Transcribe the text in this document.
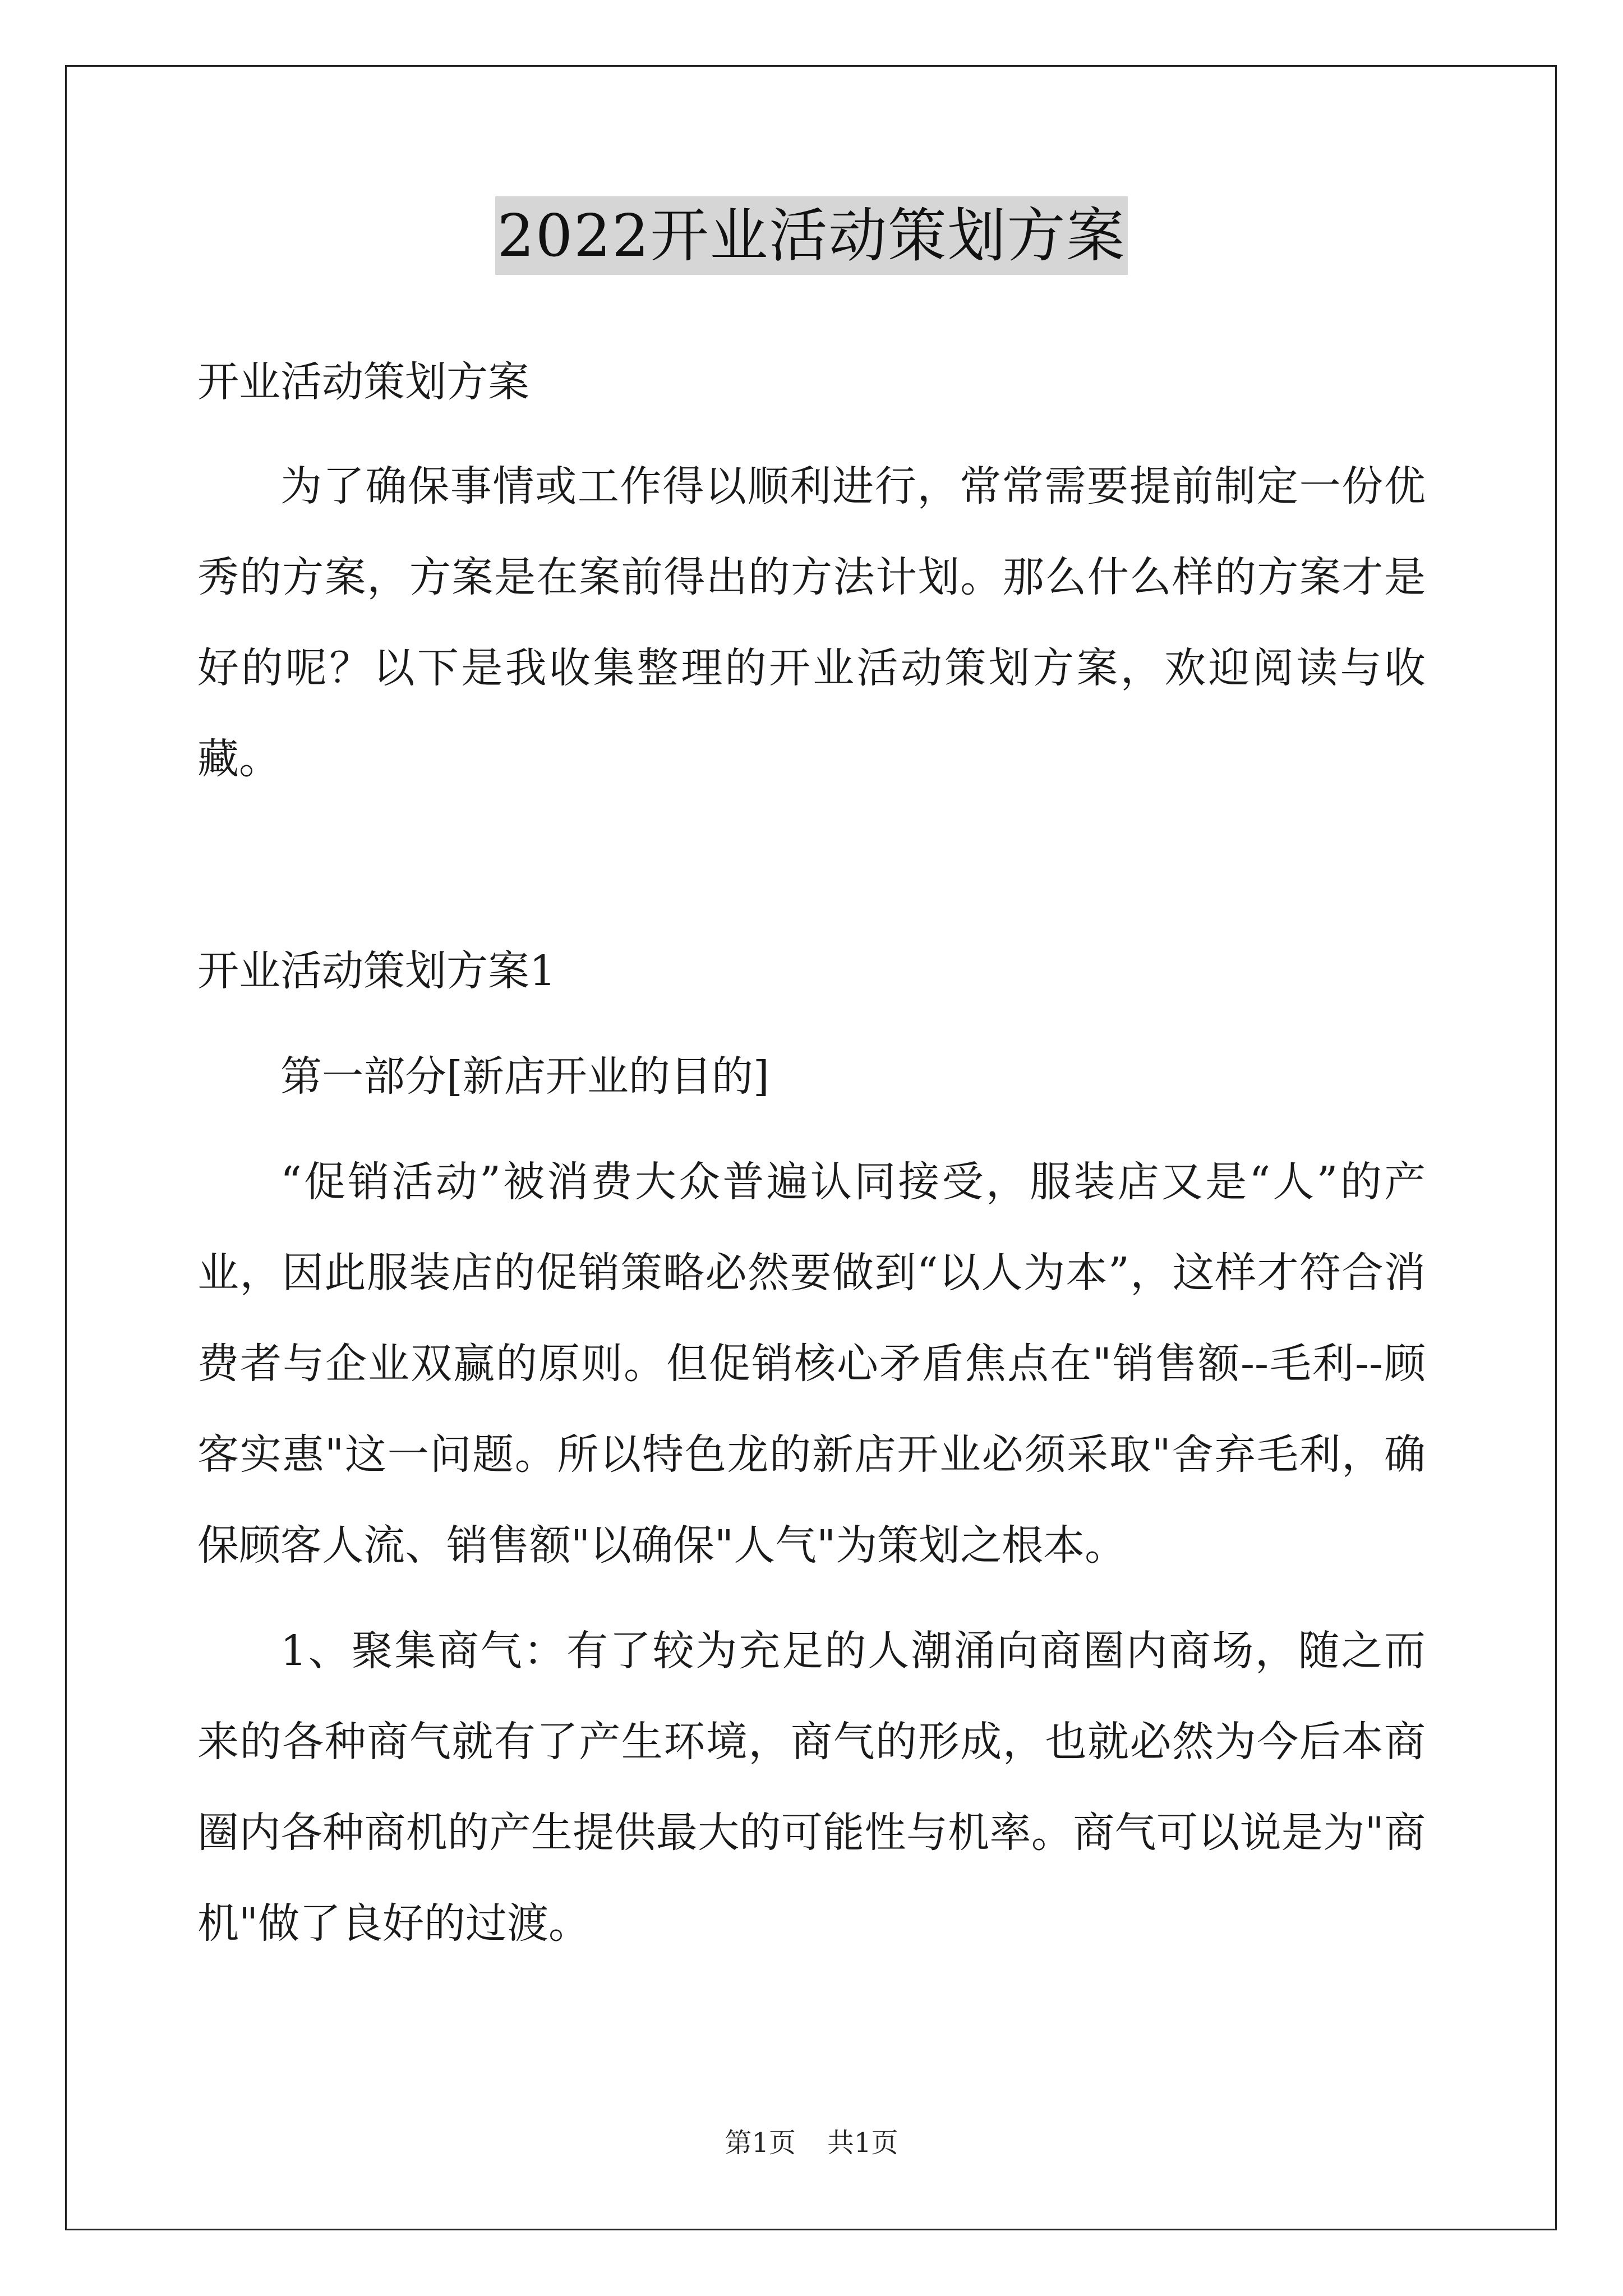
2022开业活动策划方案

开业活动策划方案

为了确保事情或工作得以顺利进行，常常需要提前制定一份优秀的方案，方案是在案前得出的方法计划。那么什么样的方案才是好的呢？以下是我收集整理的开业活动策划方案，欢迎阅读与收藏。

开业活动策划方案1

第一部分[新店开业的目的]

“促销活动”被消费大众普遍认同接受，服装店又是“人”的产业，因此服装店的促销策略必然要做到“以人为本”，这样才符合消费者与企业双赢的原则。但促销核心矛盾焦点在"销售额--毛利--顾客实惠"这一问题。所以特色龙的新店开业必须采取"舍弃毛利，确保顾客人流、销售额"以确保"人气"为策划之根本。

1、聚集商气：有了较为充足的人潮涌向商圈内商场，随之而来的各种商气就有了产生环境，商气的形成，也就必然为今后本商圈内各种商机的产生提供最大的可能性与机率。商气可以说是为"商机"做了良好的过渡。

第1页 共1页
